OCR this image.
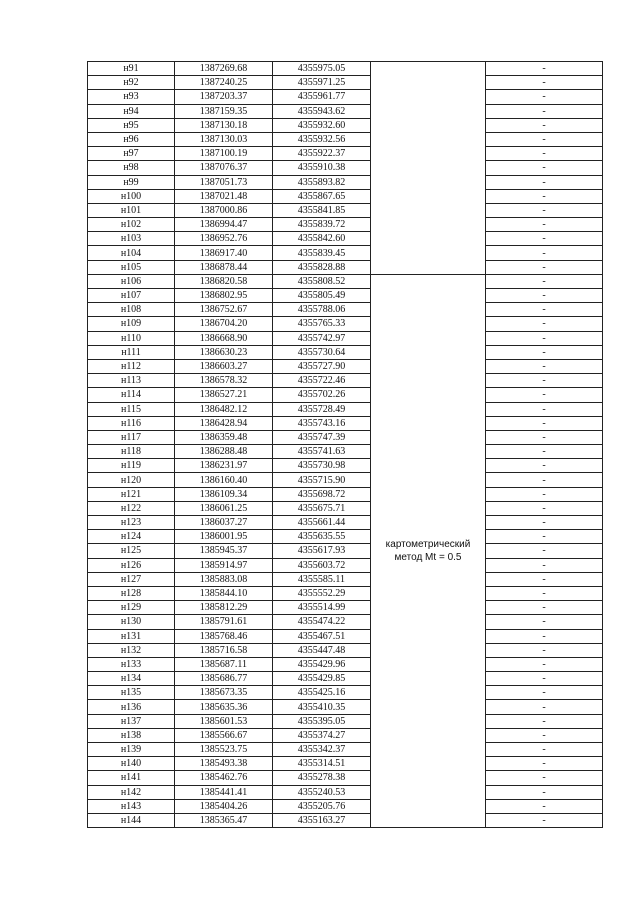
н91	1387269.68	4355975.05		-
н92	1387240.25	4355971.25		-
н93	1387203.37	4355961.77		-
н94	1387159.35	4355943.62		-
н95	1387130.18	4355932.60		-
н96	1387130.03	4355932.56		-
н97	1387100.19	4355922.37		-
н98	1387076.37	4355910.38		-
н99	1387051.73	4355893.82		-
н100	1387021.48	4355867.65		-
н101	1387000.86	4355841.85		-
н102	1386994.47	4355839.72		-
н103	1386952.76	4355842.60		-
н104	1386917.40	4355839.45		-
н105	1386878.44	4355828.88		-
н106	1386820.58	4355808.52	картометрический
метод Mt = 0.5	-
н107	1386802.95	4355805.49		-
н108	1386752.67	4355788.06		-
н109	1386704.20	4355765.33		-
н110	1386668.90	4355742.97		-
н111	1386630.23	4355730.64		-
н112	1386603.27	4355727.90		-
н113	1386578.32	4355722.46		-
н114	1386527.21	4355702.26		-
н115	1386482.12	4355728.49		-
н116	1386428.94	4355743.16		-
н117	1386359.48	4355747.39		-
н118	1386288.48	4355741.63		-
н119	1386231.97	4355730.98		-
н120	1386160.40	4355715.90		-
н121	1386109.34	4355698.72		-
н122	1386061.25	4355675.71		-
н123	1386037.27	4355661.44		-
н124	1386001.95	4355635.55		-
н125	1385945.37	4355617.93		-
н126	1385914.97	4355603.72		-
н127	1385883.08	4355585.11		-
н128	1385844.10	4355552.29		-
н129	1385812.29	4355514.99		-
н130	1385791.61	4355474.22		-
н131	1385768.46	4355467.51		-
н132	1385716.58	4355447.48		-
н133	1385687.11	4355429.96		-
н134	1385686.77	4355429.85		-
н135	1385673.35	4355425.16		-
н136	1385635.36	4355410.35		-
н137	1385601.53	4355395.05		-
н138	1385566.67	4355374.27		-
н139	1385523.75	4355342.37		-
н140	1385493.38	4355314.51		-
н141	1385462.76	4355278.38		-
н142	1385441.41	4355240.53		-
н143	1385404.26	4355205.76		-
н144	1385365.47	4355163.27		-
